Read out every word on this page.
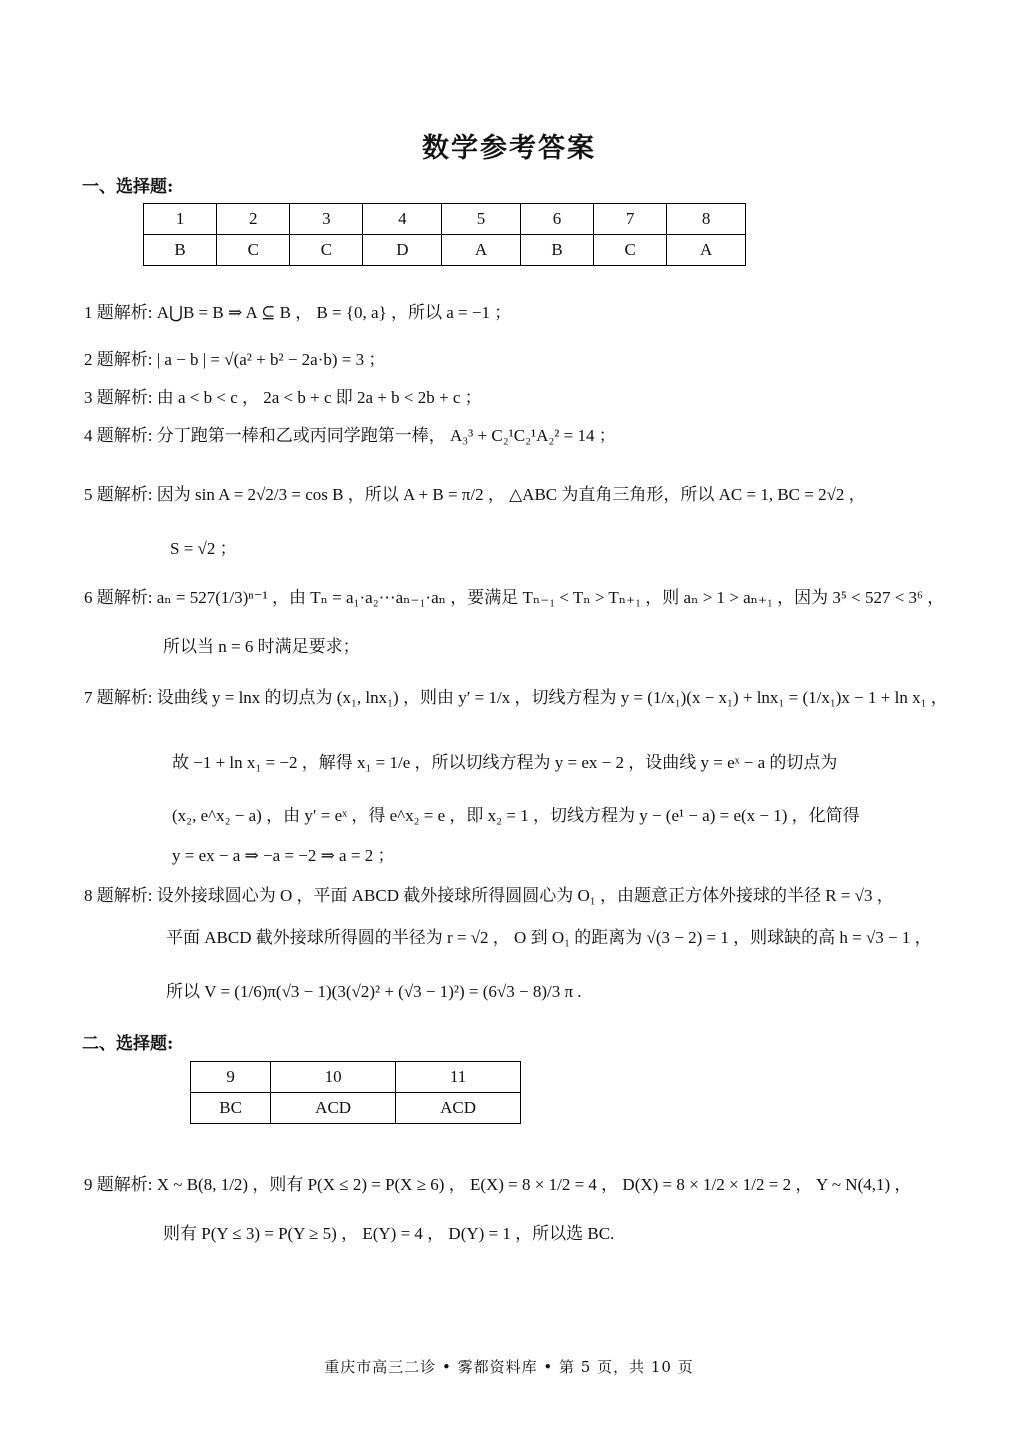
数学参考答案
一、选择题:
1	2	3	4	5	6	7	8
B	C	C	D	A	B	C	A
1 题解析: A⋃B = B ⇒ A ⊆ B ， B = {0, a} ，所以 a = −1 ；
2 题解析: | a − b | = √(a² + b² − 2a·b) = 3 ；
3 题解析: 由 a < b < c ， 2a < b + c 即 2a + b < 2b + c ；
4 题解析: 分丁跑第一棒和乙或丙同学跑第一棒， A₃³ + C₂¹C₂¹A₂² = 14 ；
5 题解析: 因为 sin A = 2√2/3 = cos B ，所以 A + B = π/2 ， △ABC 为直角三角形，所以 AC = 1, BC = 2√2 ，
S = √2 ；
6 题解析: aₙ = 527(1/3)ⁿ⁻¹ ，由 Tₙ = a₁·a₂⋯aₙ₋₁·aₙ ，要满足 Tₙ₋₁ < Tₙ > Tₙ₊₁ ，则 aₙ > 1 > aₙ₊₁ ，因为 3⁵ < 527 < 3⁶ ，
所以当 n = 6 时满足要求；
7 题解析: 设曲线 y = lnx 的切点为 (x₁, lnx₁) ，则由 y′ = 1/x ，切线方程为 y = (1/x₁)(x − x₁) + lnx₁ = (1/x₁)x − 1 + ln x₁ ，
故 −1 + ln x₁ = −2 ，解得 x₁ = 1/e ，所以切线方程为 y = ex − 2 ，设曲线 y = eˣ − a 的切点为
(x₂, e^x₂ − a) ，由 y′ = eˣ ，得 e^x₂ = e ，即 x₂ = 1 ，切线方程为 y − (e¹ − a) = e(x − 1) ，化简得
y = ex − a ⇒ −a = −2 ⇒ a = 2 ；
8 题解析: 设外接球圆心为 O ，平面 ABCD 截外接球所得圆圆心为 O₁ ，由题意正方体外接球的半径 R = √3 ，
平面 ABCD 截外接球所得圆的半径为 r = √2 ， O 到 O₁ 的距离为 √(3 − 2) = 1 ，则球缺的高 h = √3 − 1 ，
所以 V = (1/6)π(√3 − 1)(3(√2)² + (√3 − 1)²) = (6√3 − 8)/3 π .
二、选择题:
9	10	11
BC	ACD	ACD
9 题解析: X ~ B(8, 1/2) ，则有 P(X ≤ 2) = P(X ≥ 6) ， E(X) = 8 × 1/2 = 4 ， D(X) = 8 × 1/2 × 1/2 = 2 ， Y ~ N(4,1) ，
则有 P(Y ≤ 3) = P(Y ≥ 5) ， E(Y) = 4 ， D(Y) = 1 ，所以选 BC.
重庆市高三二诊 • 雾都资料库 • 第 5 页，共 10 页
